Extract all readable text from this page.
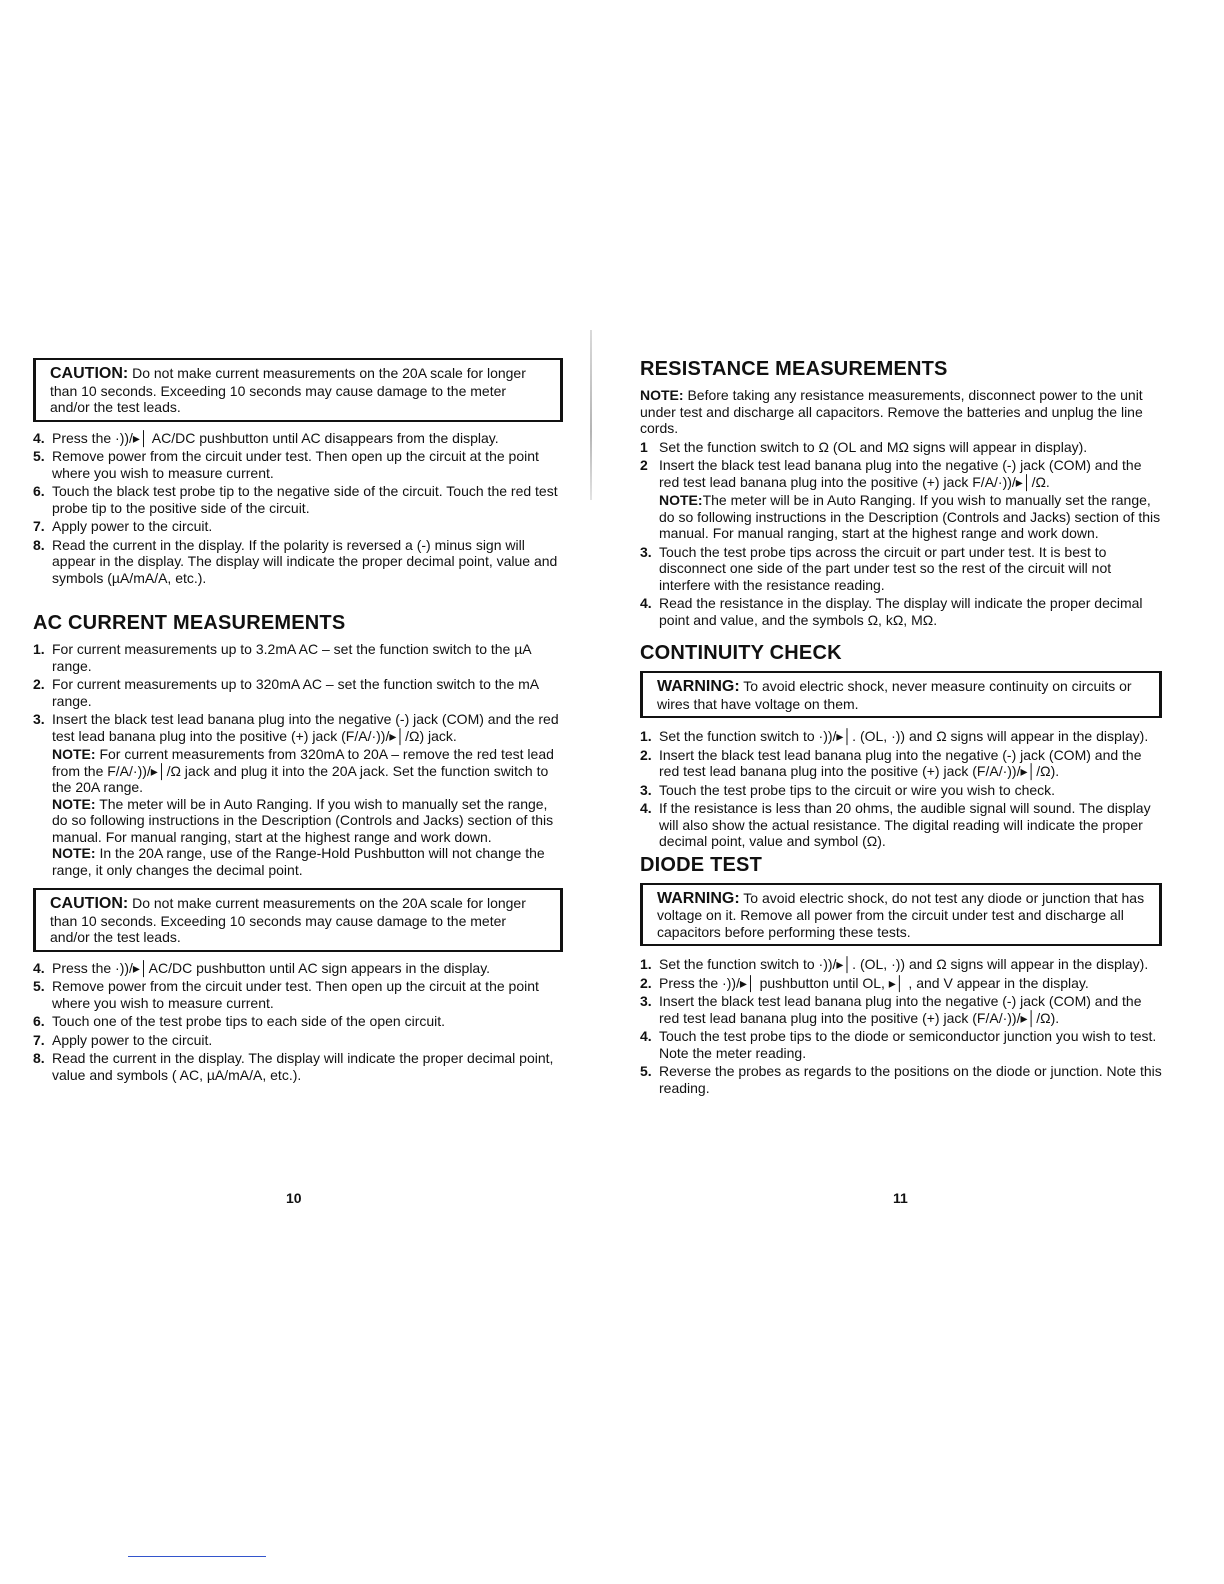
CAUTION: Do not make current measurements on the 20A scale for longer than 10 seconds. Exceeding 10 seconds may cause damage to the meter and/or the test leads.
4. Press the ·))/▸│ AC/DC pushbutton until AC disappears from the display.
5. Remove power from the circuit under test. Then open up the circuit at the point where you wish to measure current.
6. Touch the black test probe tip to the negative side of the circuit. Touch the red test probe tip to the positive side of the circuit.
7. Apply power to the circuit.
8. Read the current in the display. If the polarity is reversed a (-) minus sign will appear in the display. The display will indicate the proper decimal point, value and symbols (µA/mA/A, etc.).
AC CURRENT MEASUREMENTS
1. For current measurements up to 3.2mA AC – set the function switch to the µA range.
2. For current measurements up to 320mA AC – set the function switch to the mA range.
3. Insert the black test lead banana plug into the negative (-) jack (COM) and the red test lead banana plug into the positive (+) jack (F/A/·))/▸│/Ω) jack.

NOTE: For current measurements from 320mA to 20A – remove the red test lead from the F/A/·))/▸│/Ω jack and plug it into the 20A jack. Set the function switch to the 20A range.

NOTE: The meter will be in Auto Ranging. If you wish to manually set the range, do so following instructions in the Description (Controls and Jacks) section of this manual. For manual ranging, start at the highest range and work down.

NOTE: In the 20A range, use of the Range-Hold Pushbutton will not change the range, it only changes the decimal point.

CAUTION: Do not make current measurements on the 20A scale for longer than 10 seconds. Exceeding 10 seconds may cause damage to the meter and/or the test leads.
4. Press the ·))/▸│AC/DC pushbutton until AC sign appears in the display.
5. Remove power from the circuit under test. Then open up the circuit at the point where you wish to measure current.
6. Touch one of the test probe tips to each side of the open circuit.
7. Apply power to the circuit.
8. Read the current in the display. The display will indicate the proper decimal point, value and symbols ( AC, µA/mA/A, etc.).
10
RESISTANCE MEASUREMENTS

NOTE: Before taking any resistance measurements, disconnect power to the unit under test and discharge all capacitors. Remove the batteries and unplug the line cords.

1 Set the function switch to Ω (OL and MΩ signs will appear in display).
2 Insert the black test lead banana plug into the negative (-) jack (COM) and the red test lead banana plug into the positive (+) jack F/A/·))/▸│/Ω.

NOTE:The meter will be in Auto Ranging. If you wish to manually set the range, do so following instructions in the Description (Controls and Jacks) section of this manual. For manual ranging, start at the highest range and work down.

3. Touch the test probe tips across the circuit or part under test. It is best to disconnect one side of the part under test so the rest of the circuit will not interfere with the resistance reading.
4. Read the resistance in the display. The display will indicate the proper decimal point and value, and the symbols Ω, kΩ, MΩ.
CONTINUITY CHECK
WARNING: To avoid electric shock, never measure continuity on circuits or wires that have voltage on them.
1. Set the function switch to ·))/▸│. (OL, ·)) and Ω signs will appear in the display).
2. Insert the black test lead banana plug into the negative (-) jack (COM) and the red test lead banana plug into the positive (+) jack (F/A/·))/▸│/Ω).
3. Touch the test probe tips to the circuit or wire you wish to check.
4. If the resistance is less than 20 ohms, the audible signal will sound. The display will also show the actual resistance. The digital reading will indicate the proper decimal point, value and symbol (Ω).
DIODE TEST
WARNING: To avoid electric shock, do not test any diode or junction that has voltage on it. Remove all power from the circuit under test and discharge all capacitors before performing these tests.
1. Set the function switch to ·))/▸│. (OL, ·)) and Ω signs will appear in the display).
2. Press the ·))/▸│ pushbutton until OL, ▸│ , and V appear in the display.
3. Insert the black test lead banana plug into the negative (-) jack (COM) and the red test lead banana plug into the positive (+) jack (F/A/·))/▸│/Ω).
4. Touch the test probe tips to the diode or semiconductor junction you wish to test. Note the meter reading.
5. Reverse the probes as regards to the positions on the diode or junction. Note this reading.
11
